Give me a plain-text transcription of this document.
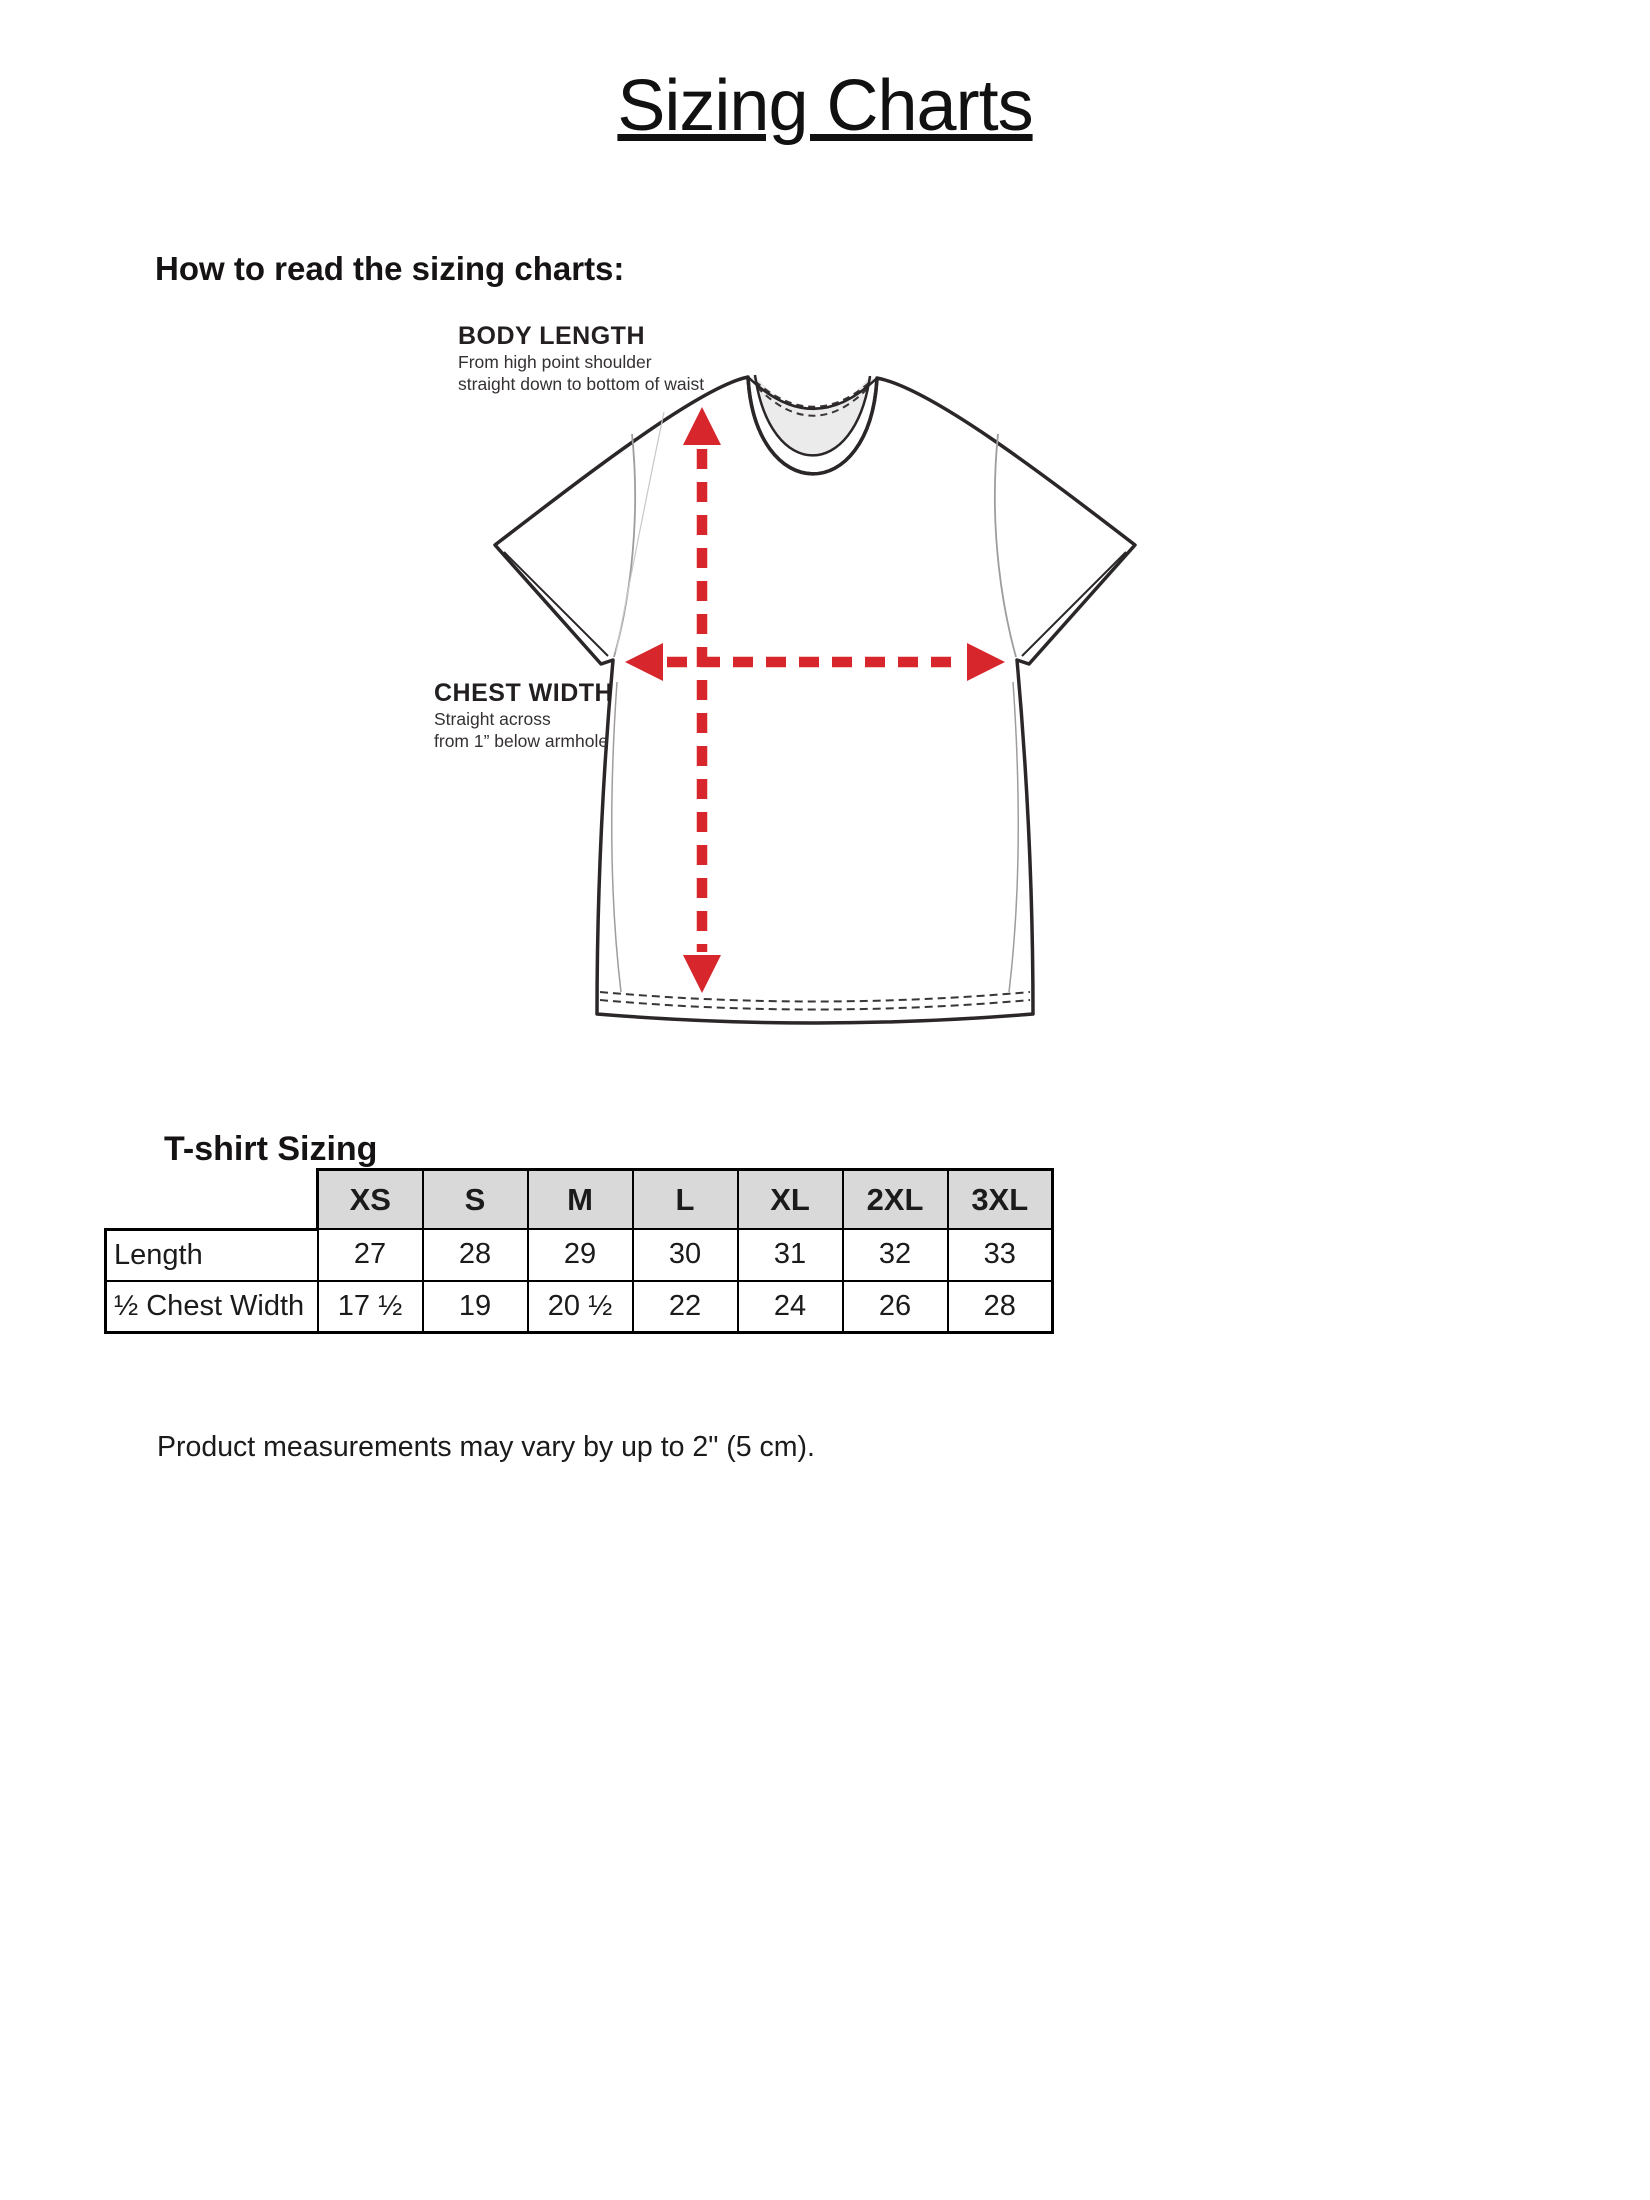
Sizing Charts
How to read the sizing charts:
BODY LENGTH
From high point shoulder
straight down to bottom of waist
CHEST WIDTH
Straight across
from 1” below armhole
T-shirt Sizing
	XS	S	M	L	XL	2XL	3XL
Length	27	28	29	30	31	32	33
½ Chest Width	17 ½	19	20 ½	22	24	26	28

Product measurements may vary by up to 2" (5 cm).
